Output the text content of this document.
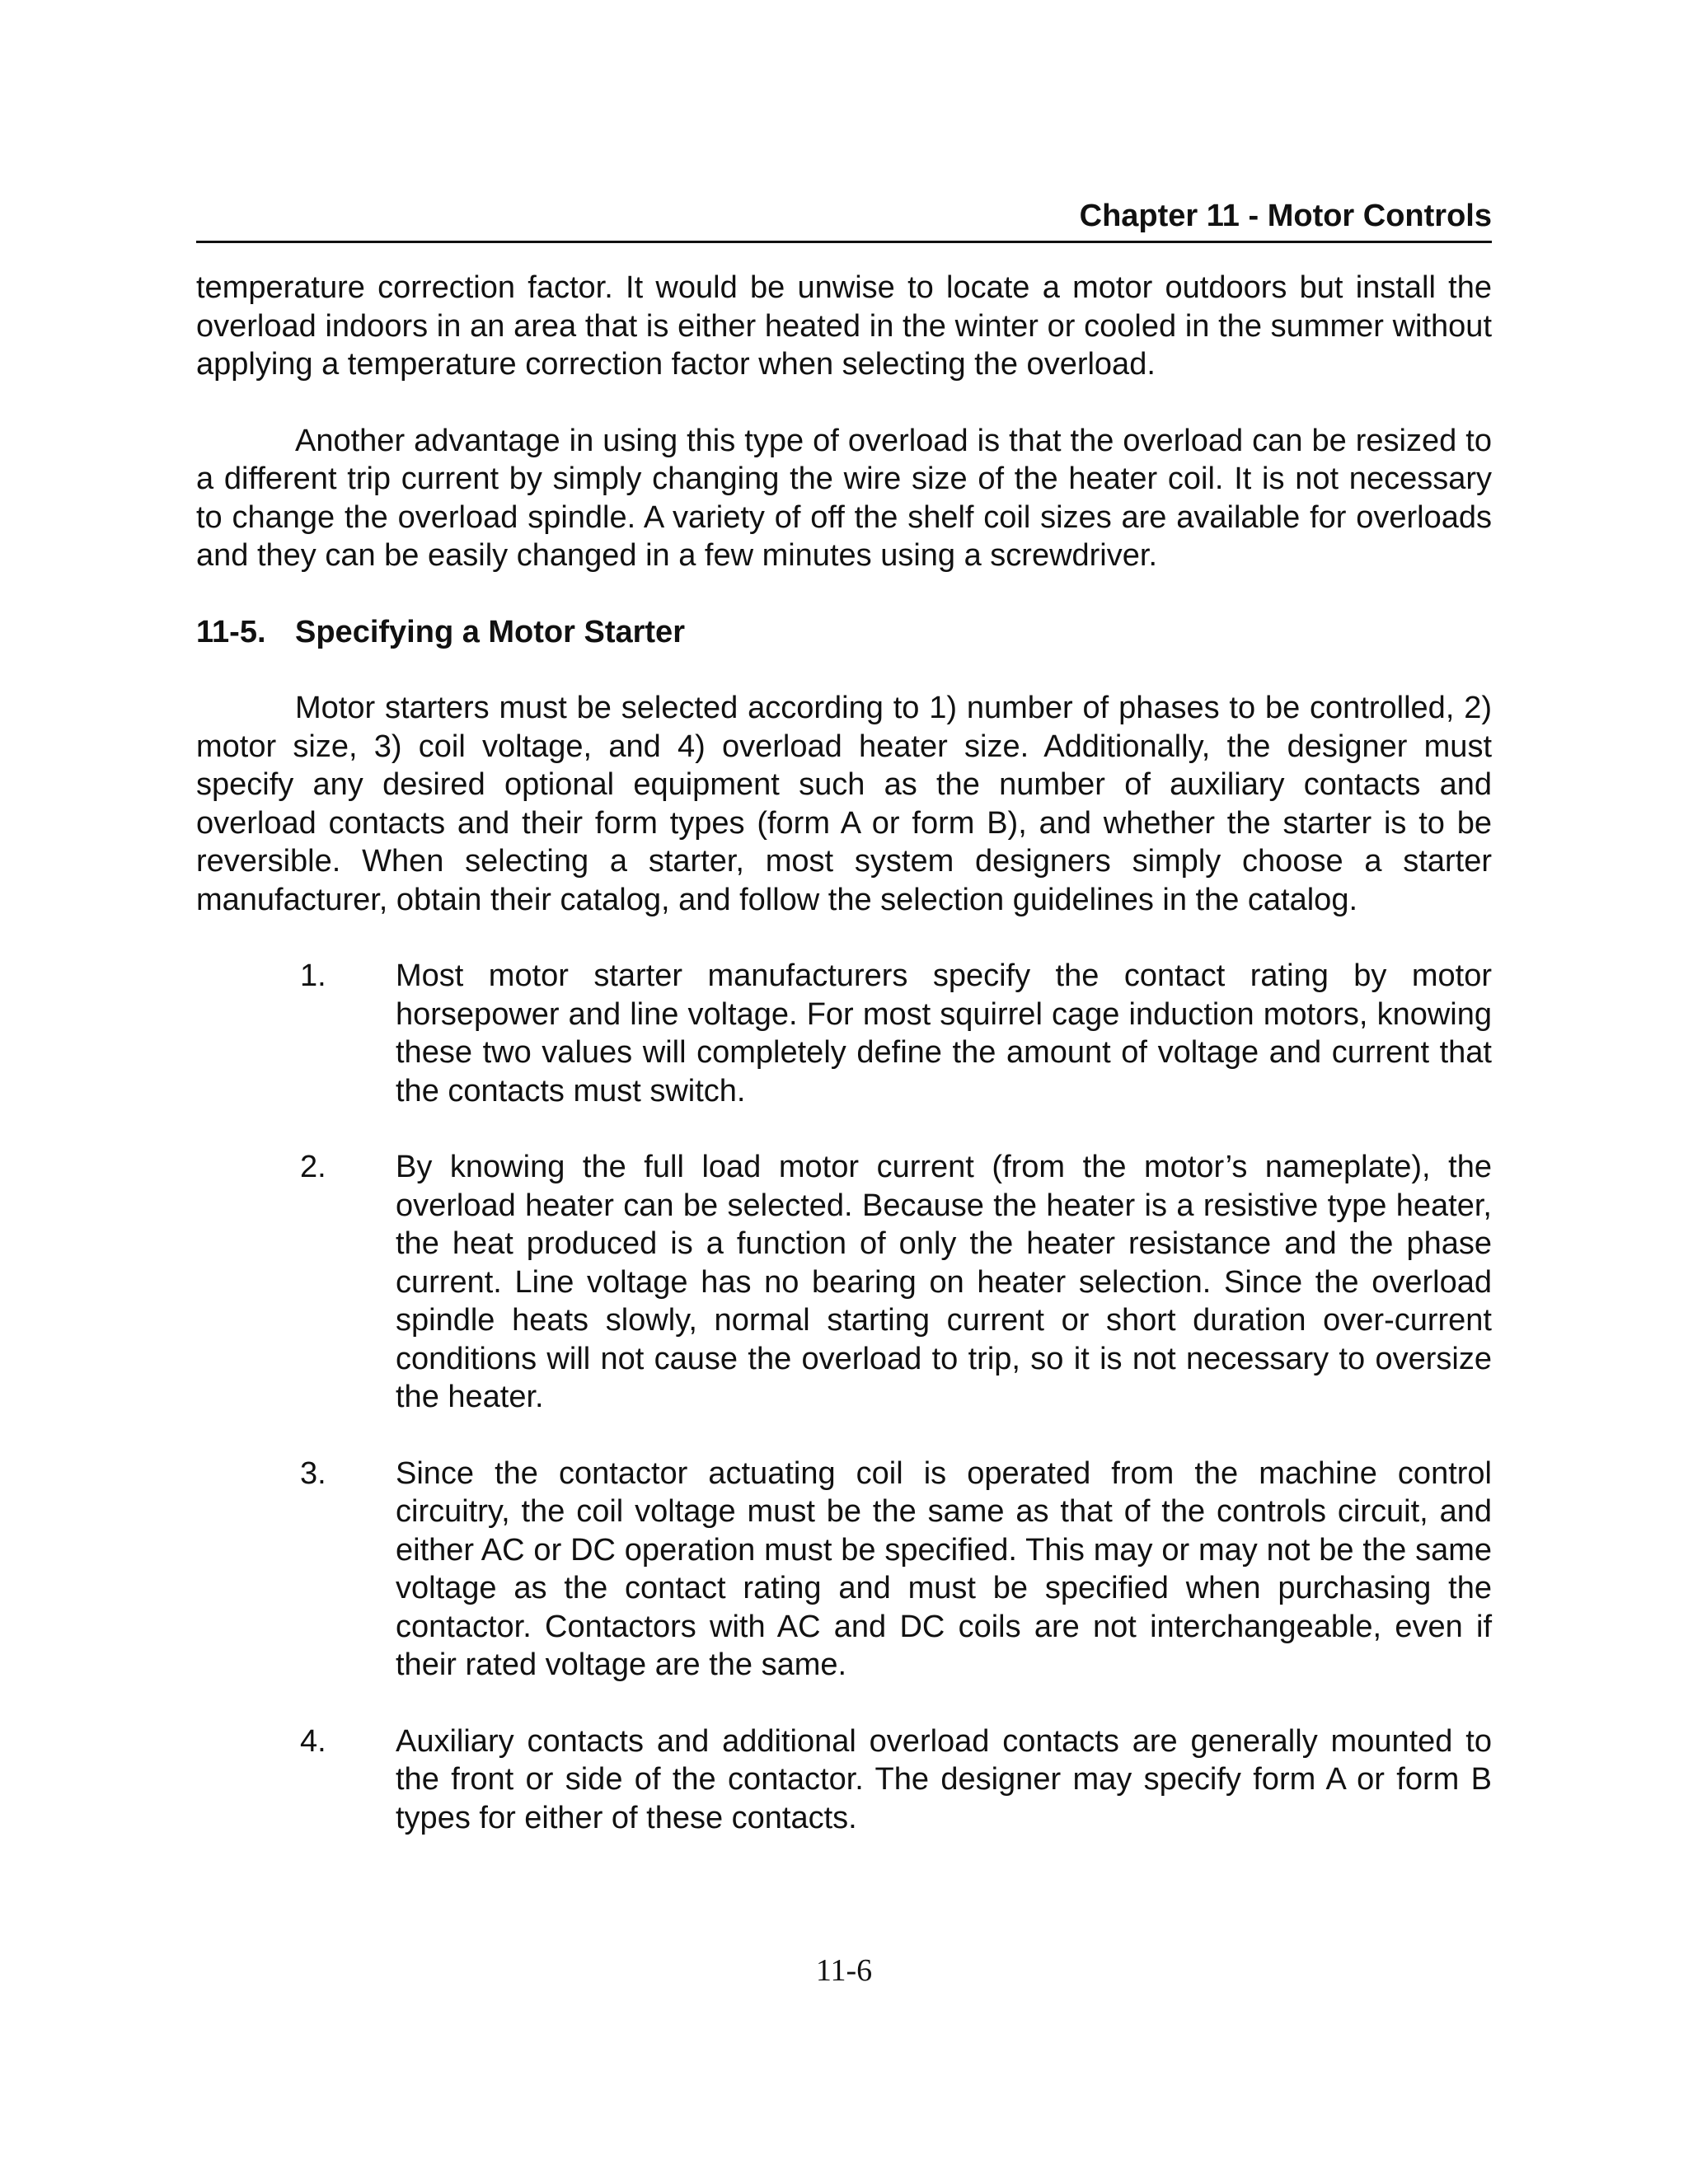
Chapter 11 - Motor Controls

temperature correction factor. It would be unwise to locate a motor outdoors but install the overload indoors in an area that is either heated in the winter or cooled in the summer without applying a temperature correction factor when selecting the overload.

Another advantage in using this type of overload is that the overload can be resized to a different trip current by simply changing the wire size of the heater coil. It is not necessary to change the overload spindle. A variety of off the shelf coil sizes are available for overloads and they can be easily changed in a few minutes using a screwdriver.

11-5. Specifying a Motor Starter

Motor starters must be selected according to 1) number of phases to be controlled, 2) motor size, 3) coil voltage, and 4) overload heater size. Additionally, the designer must specify any desired optional equipment such as the number of auxiliary contacts and overload contacts and their form types (form A or form B), and whether the starter is to be reversible. When selecting a starter, most system designers simply choose a starter manufacturer, obtain their catalog, and follow the selection guidelines in the catalog.

1. Most motor starter manufacturers specify the contact rating by motor horsepower and line voltage. For most squirrel cage induction motors, knowing these two values will completely define the amount of voltage and current that the contacts must switch.
2. By knowing the full load motor current (from the motor’s nameplate), the overload heater can be selected. Because the heater is a resistive type heater, the heat produced is a function of only the heater resistance and the phase current. Line voltage has no bearing on heater selection. Since the overload spindle heats slowly, normal starting current or short duration over-current conditions will not cause the overload to trip, so it is not necessary to oversize the heater.
3. Since the contactor actuating coil is operated from the machine control circuitry, the coil voltage must be the same as that of the controls circuit, and either AC or DC operation must be specified. This may or may not be the same voltage as the contact rating and must be specified when purchasing the contactor. Contactors with AC and DC coils are not interchangeable, even if their rated voltage are the same.
4. Auxiliary contacts and additional overload contacts are generally mounted to the front or side of the contactor. The designer may specify form A or form B types for either of these contacts.
11-6
